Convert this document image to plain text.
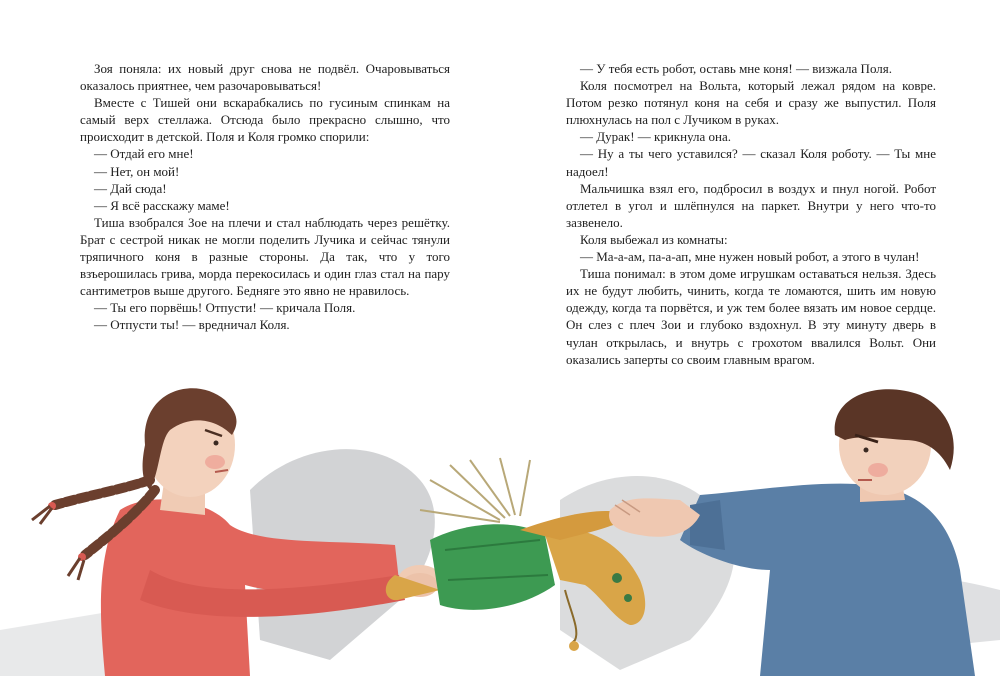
Зоя поняла: их новый друг снова не подвёл. Очаровываться оказалось приятнее, чем разочаровываться!

Вместе с Тишей они вскарабкались по гусиным спинкам на самый верх стеллажа. Отсюда было прекрасно слышно, что происходит в детской. Поля и Коля громко спорили:

— Отдай его мне!

— Нет, он мой!

— Дай сюда!

— Я всё расскажу маме!

Тиша взобрался Зое на плечи и стал наблюдать через решётку. Брат с сестрой никак не могли поделить Лучика и сейчас тянули тряпичного коня в разные стороны. Да так, что у того взъерошилась грива, морда перекосилась и один глаз стал на пару сантиметров выше другого. Бедняге это явно не нравилось.

— Ты его порвёшь! Отпусти! — кричала Поля.

— Отпусти ты! — вредничал Коля.

— У тебя есть робот, оставь мне коня! — визжала Поля.

Коля посмотрел на Вольта, который лежал рядом на ковре. Потом резко потянул коня на себя и сразу же выпустил. Поля плюхнулась на пол с Лучиком в руках.

— Дурак! — крикнула она.

— Ну а ты чего уставился? — сказал Коля роботу. — Ты мне надоел!

Мальчишка взял его, подбросил в воздух и пнул ногой. Робот отлетел в угол и шлёпнулся на паркет. Внутри у него что-то зазвенело.

Коля выбежал из комнаты:

— Ма-а-ам, па-а-ап, мне нужен новый робот, а этого в чулан!

Тиша понимал: в этом доме игрушкам оставаться нельзя. Здесь их не будут любить, чинить, когда те ломаются, шить им новую одежду, когда та порвётся, и уж тем более вязать им новое сердце. Он слез с плеч Зои и глубоко вздохнул. В эту минуту дверь в чулан открылась, и внутрь с грохотом ввалился Вольт. Они оказались заперты со своим главным врагом.
